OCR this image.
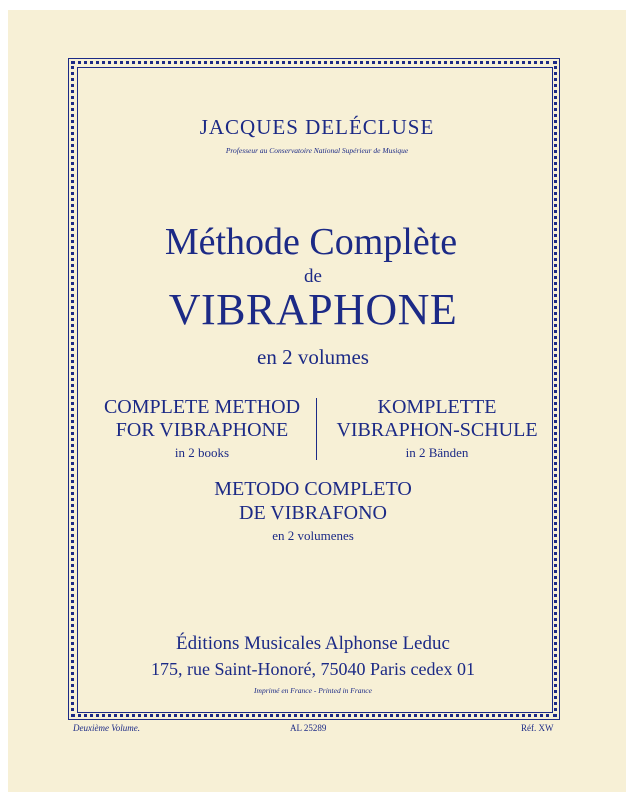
JACQUES DELÉCLUSE
Professeur au Conservatoire National Supérieur de Musique
Méthode Complète
de
VIBRAPHONE
en 2 volumes
COMPLETE METHOD
FOR VIBRAPHONE
in 2 books
KOMPLETTE
VIBRAPHON-SCHULE
in 2 Bänden
METODO COMPLETO
DE VIBRAFONO
en 2 volumenes
Éditions Musicales Alphonse Leduc
175, rue Saint-Honoré, 75040 Paris cedex 01
Imprimé en France - Printed in France
Deuxième Volume.	AL 25289	Réf. XW
